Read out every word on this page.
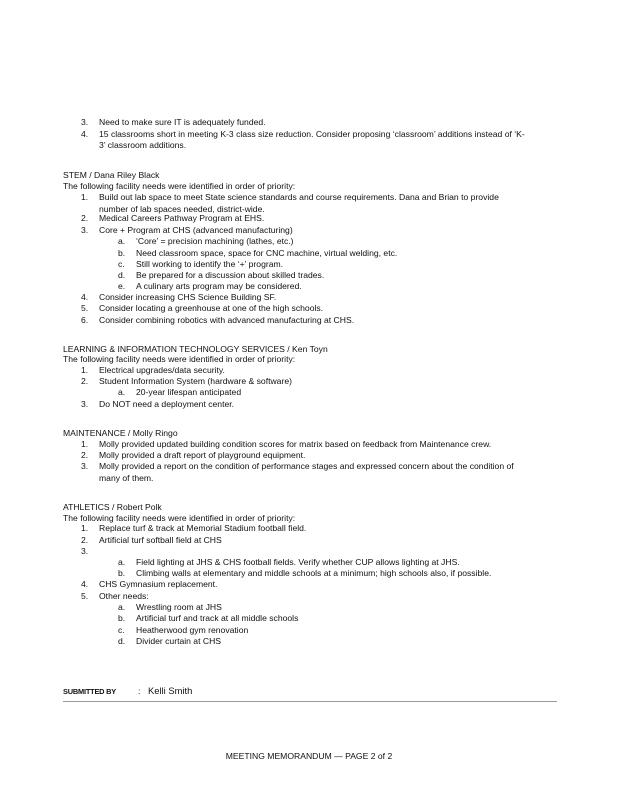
3. Need to make sure IT is adequately funded.
4. 15 classrooms short in meeting K-3 class size reduction. Consider proposing ‘classroom’ additions instead of ‘K-
3’ classroom additions.
STEM / Dana Riley Black
The following facility needs were identified in order of priority:
1. Build out lab space to meet State science standards and course requirements. Dana and Brian to provide
number of lab spaces needed, district-wide.
2. Medical Careers Pathway Program at EHS.
3. Core + Program at CHS (advanced manufacturing)
a. ‘Core’ = precision machining (lathes, etc.)
b. Need classroom space, space for CNC machine, virtual welding, etc.
c. Still working to identify the ‘+’ program.
d. Be prepared for a discussion about skilled trades.
e. A culinary arts program may be considered.
4. Consider increasing CHS Science Building SF.
5. Consider locating a greenhouse at one of the high schools.
6. Consider combining robotics with advanced manufacturing at CHS.
LEARNING & INFORMATION TECHNOLOGY SERVICES / Ken Toyn
The following facility needs were identified in order of priority:
1. Electrical upgrades/data security.
2. Student Information System (hardware & software)
a. 20-year lifespan anticipated
3. Do NOT need a deployment center.
MAINTENANCE / Molly Ringo
1. Molly provided updated building condition scores for matrix based on feedback from Maintenance crew.
2. Molly provided a draft report of playground equipment.
3. Molly provided a report on the condition of performance stages and expressed concern about the condition of
many of them.
ATHLETICS / Robert Polk
The following facility needs were identified in order of priority:
1. Replace turf & track at Memorial Stadium football field.
2. Artificial turf softball field at CHS
3.
a. Field lighting at JHS & CHS football fields. Verify whether CUP allows lighting at JHS.
b. Climbing walls at elementary and middle schools at a minimum; high schools also, if possible.
4. CHS Gymnasium replacement.
5. Other needs:
a. Wrestling room at JHS
b. Artificial turf and track at all middle schools
c. Heatherwood gym renovation
d. Divider curtain at CHS
SUBMITTED BY	: Kelli Smith
MEETING MEMORANDUM — PAGE 2 of 2
